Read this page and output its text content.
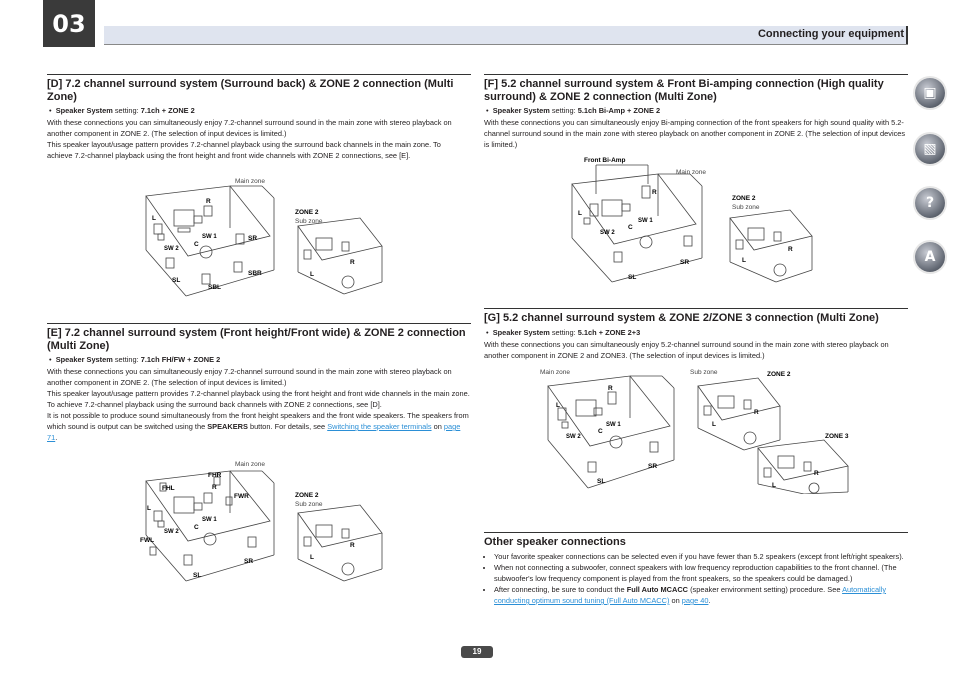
03	Connecting your equipment
▣
▧
?
A
[D] 7.2 channel surround system (Surround back) & ZONE 2 connection (Multi Zone)
•  Speaker System setting: 7.1ch + ZONE 2
With these connections you can simultaneously enjoy 7.2-channel surround sound in the main zone with stereo playback on another component in ZONE 2. (The selection of input devices is limited.)
This speaker layout/usage pattern provides 7.2-channel playback using the surround back channels in the main zone. To achieve 7.2-channel playback using the front height and front wide channels with ZONE 2 connections, see [E].
Main zone
L
R
C
SW 1
SW 2
SR
SBR
SL
SBL
ZONE 2
Sub zone
L
R
[E] 7.2 channel surround system (Front height/Front wide) & ZONE 2 connection (Multi Zone)
•  Speaker System setting: 7.1ch FH/FW + ZONE 2
With these connections you can simultaneously enjoy 7.2-channel surround sound in the main zone with stereo playback on another component in ZONE 2. (The selection of input devices is limited.)
This speaker layout/usage pattern provides 7.2-channel playback using the front height and front wide channels in the main zone. To achieve 7.2-channel playback using the surround back channels with ZONE 2 connections, see [D].
It is not possible to produce sound simultaneously from the front height speakers and the front wide speakers. The speakers from which sound is output can be switched using the SPEAKERS button. For details, see Switching the speaker terminals on page 71.
Main zone
FHR
FHL	R
FWR
L
SW 1
C
SW 2
FWL
SR
SL
ZONE 2
Sub zone
L
R
[F] 5.2 channel surround system & Front Bi-amping connection (High quality surround) & ZONE 2 connection (Multi Zone)
•  Speaker System setting: 5.1ch Bi-Amp + ZONE 2
With these connections you can simultaneously enjoy Bi-amping connection of the front speakers for high sound quality with 5.2-channel surround sound in the main zone with stereo playback on another component in ZONE 2. (The selection of input devices is limited.)
Front Bi-Amp
Main zone
R
L
SW 1
C
SW 2
SR
SL
ZONE 2
Sub zone
L
R
[G] 5.2 channel surround system & ZONE 2/ZONE 3 connection (Multi Zone)
•  Speaker System setting: 5.1ch + ZONE 2+3
With these connections you can simultaneously enjoy 5.2-channel surround sound in the main zone with stereo playback on another component in ZONE 2 and ZONE3. (The selection of input devices is limited.)
Main zone
R
L
SW 1
C
SW 2
SR
SL
Sub zone	ZONE 2
L
R
ZONE 3
L
R
Other speaker connections
• Your favorite speaker connections can be selected even if you have fewer than 5.2 speakers (except front left/right speakers).
• When not connecting a subwoofer, connect speakers with low frequency reproduction capabilities to the front channel. (The subwoofer's low frequency component is played from the front speakers, so the speakers could be damaged.)
• After connecting, be sure to conduct the Full Auto MCACC (speaker environment setting) procedure. See Automatically conducting optimum sound tuning (Full Auto MCACC) on page 40.
19
